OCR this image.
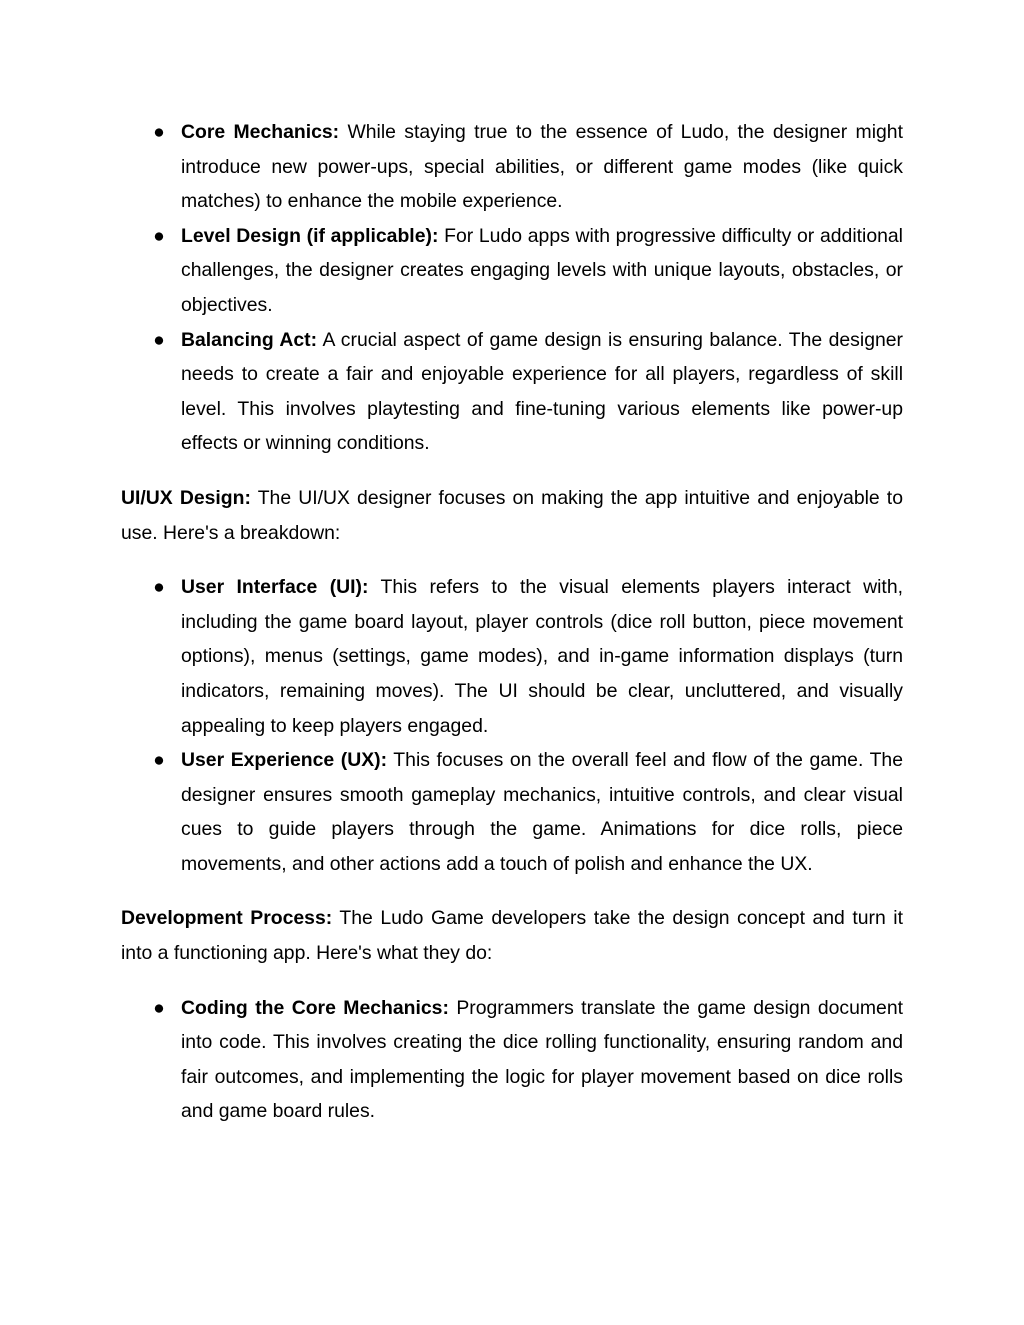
● Core Mechanics: While staying true to the essence of Ludo, the designer might introduce new power-ups, special abilities, or different game modes (like quick matches) to enhance the mobile experience.
● Level Design (if applicable): For Ludo apps with progressive difficulty or additional challenges, the designer creates engaging levels with unique layouts, obstacles, or objectives.
● Balancing Act: A crucial aspect of game design is ensuring balance. The designer needs to create a fair and enjoyable experience for all players, regardless of skill level. This involves playtesting and fine-tuning various elements like power-up effects or winning conditions.

UI/UX Design: The UI/UX designer focuses on making the app intuitive and enjoyable to use. Here's a breakdown:

● User Interface (UI): This refers to the visual elements players interact with, including the game board layout, player controls (dice roll button, piece movement options), menus (settings, game modes), and in-game information displays (turn indicators, remaining moves). The UI should be clear, uncluttered, and visually appealing to keep players engaged.
● User Experience (UX): This focuses on the overall feel and flow of the game. The designer ensures smooth gameplay mechanics, intuitive controls, and clear visual cues to guide players through the game. Animations for dice rolls, piece movements, and other actions add a touch of polish and enhance the UX.

Development Process: The Ludo Game developers take the design concept and turn it into a functioning app. Here's what they do:

● Coding the Core Mechanics: Programmers translate the game design document into code. This involves creating the dice rolling functionality, ensuring random and fair outcomes, and implementing the logic for player movement based on dice rolls and game board rules.
